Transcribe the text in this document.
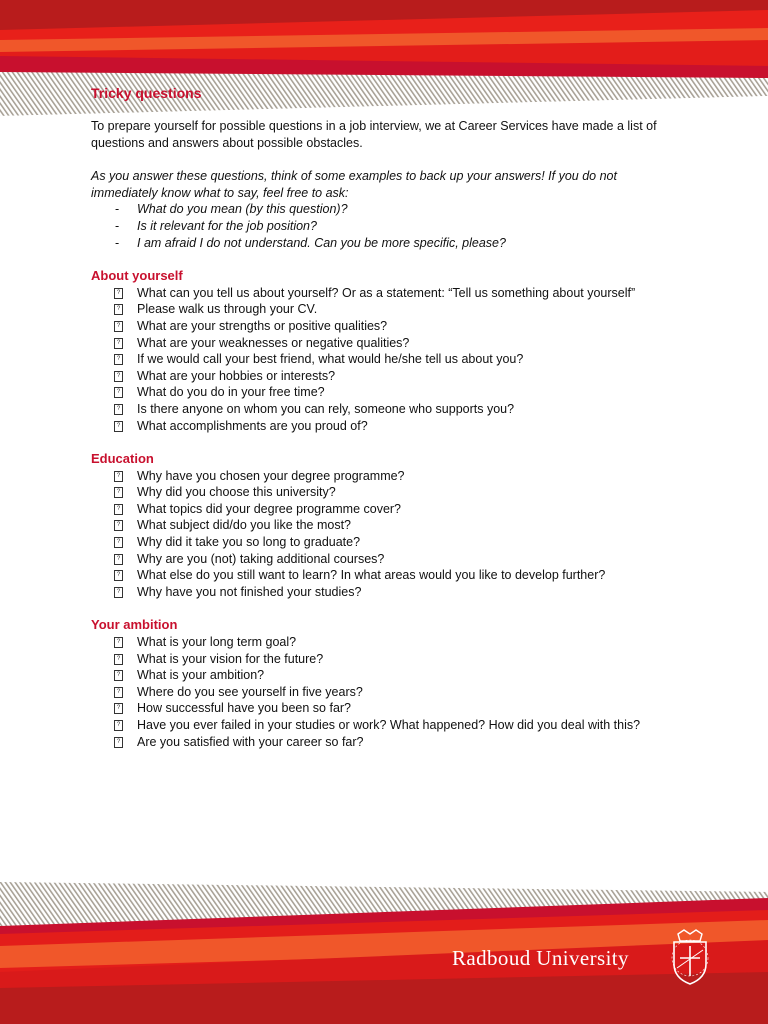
Tricky questions

To prepare yourself for possible questions in a job interview, we at Career Services have made a list of questions and answers about possible obstacles.

As you answer these questions, think of some examples to back up your answers! If you do not immediately know what to say, feel free to ask:

- What do you mean (by this question)?
- Is it relevant for the job position?
- I am afraid I do not understand. Can you be more specific, please?
About yourself
? What can you tell us about yourself? Or as a statement: “Tell us something about yourself”
? Please walk us through your CV.
? What are your strengths or positive qualities?
? What are your weaknesses or negative qualities?
? If we would call your best friend, what would he/she tell us about you?
? What are your hobbies or interests?
? What do you do in your free time?
? Is there anyone on whom you can rely, someone who supports you?
? What accomplishments are you proud of?
Education
? Why have you chosen your degree programme?
? Why did you choose this university?
? What topics did your degree programme cover?
? What subject did/do you like the most?
? Why did it take you so long to graduate?
? Why are you (not) taking additional courses?
? What else do you still want to learn? In what areas would you like to develop further?
? Why have you not finished your studies?
Your ambition
? What is your long term goal?
? What is your vision for the future?
? What is your ambition?
? Where do you see yourself in five years?
? How successful have you been so far?
? Have you ever failed in your studies or work? What happened? How did you deal with this?
? Are you satisfied with your career so far?
Radboud University
